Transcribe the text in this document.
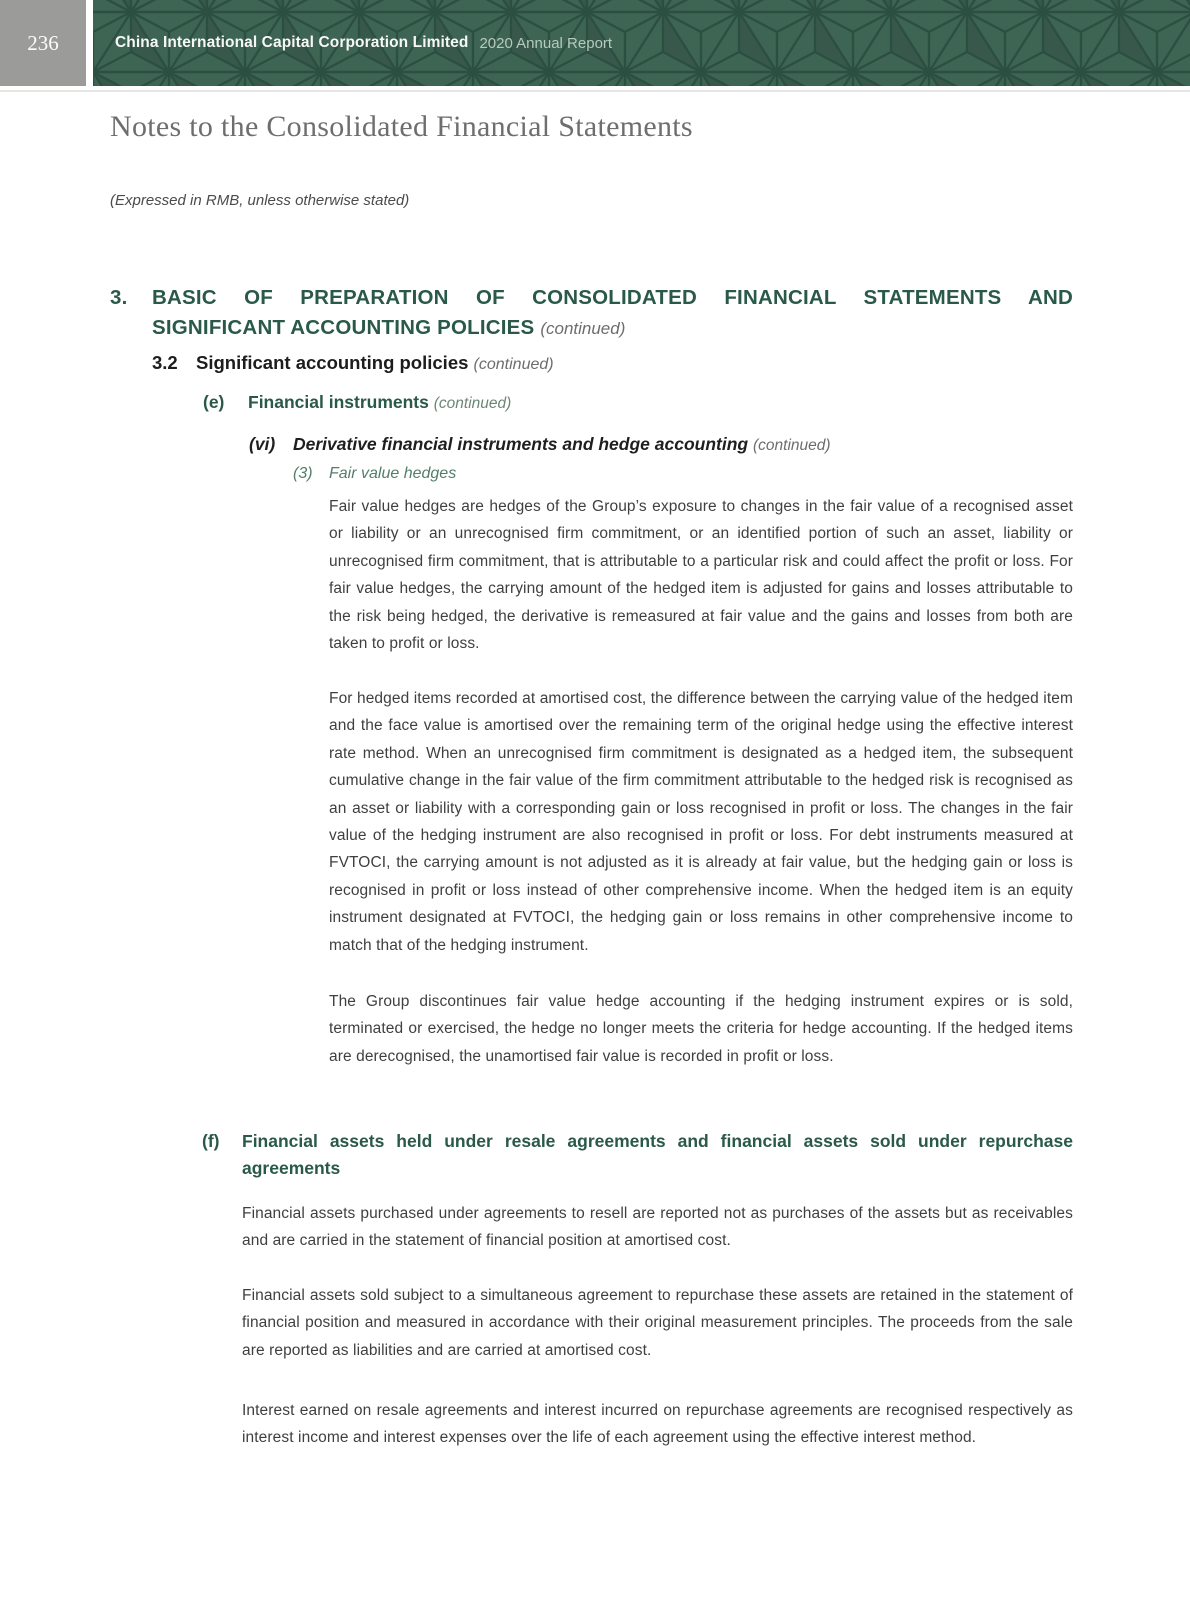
236	China International Capital Corporation Limited 2020 Annual Report
Notes to the Consolidated Financial Statements
(Expressed in RMB, unless otherwise stated)
3. BASIC OF PREPARATION OF CONSOLIDATED FINANCIAL STATEMENTS AND
SIGNIFICANT ACCOUNTING POLICIES (continued)
3.2 Significant accounting policies (continued)
(e) Financial instruments (continued)
(vi) Derivative financial instruments and hedge accounting (continued)
(3) Fair value hedges
Fair value hedges are hedges of the Group’s exposure to changes in the fair value of a recognised asset or liability or an unrecognised firm commitment, or an identified portion of such an asset, liability or unrecognised firm commitment, that is attributable to a particular risk and could affect the profit or loss. For fair value hedges, the carrying amount of the hedged item is adjusted for gains and losses attributable to the risk being hedged, the derivative is remeasured at fair value and the gains and losses from both are taken to profit or loss.
For hedged items recorded at amortised cost, the difference between the carrying value of the hedged item and the face value is amortised over the remaining term of the original hedge using the effective interest rate method. When an unrecognised firm commitment is designated as a hedged item, the subsequent cumulative change in the fair value of the firm commitment attributable to the hedged risk is recognised as an asset or liability with a corresponding gain or loss recognised in profit or loss. The changes in the fair value of the hedging instrument are also recognised in profit or loss. For debt instruments measured at FVTOCI, the carrying amount is not adjusted as it is already at fair value, but the hedging gain or loss is recognised in profit or loss instead of other comprehensive income. When the hedged item is an equity instrument designated at FVTOCI, the hedging gain or loss remains in other comprehensive income to match that of the hedging instrument.
The Group discontinues fair value hedge accounting if the hedging instrument expires or is sold, terminated or exercised, the hedge no longer meets the criteria for hedge accounting. If the hedged items are derecognised, the unamortised fair value is recorded in profit or loss.
(f) Financial assets held under resale agreements and financial assets sold under repurchase
agreements
Financial assets purchased under agreements to resell are reported not as purchases of the assets but as receivables and are carried in the statement of financial position at amortised cost.
Financial assets sold subject to a simultaneous agreement to repurchase these assets are retained in the statement of financial position and measured in accordance with their original measurement principles. The proceeds from the sale are reported as liabilities and are carried at amortised cost.
Interest earned on resale agreements and interest incurred on repurchase agreements are recognised respectively as interest income and interest expenses over the life of each agreement using the effective interest method.
